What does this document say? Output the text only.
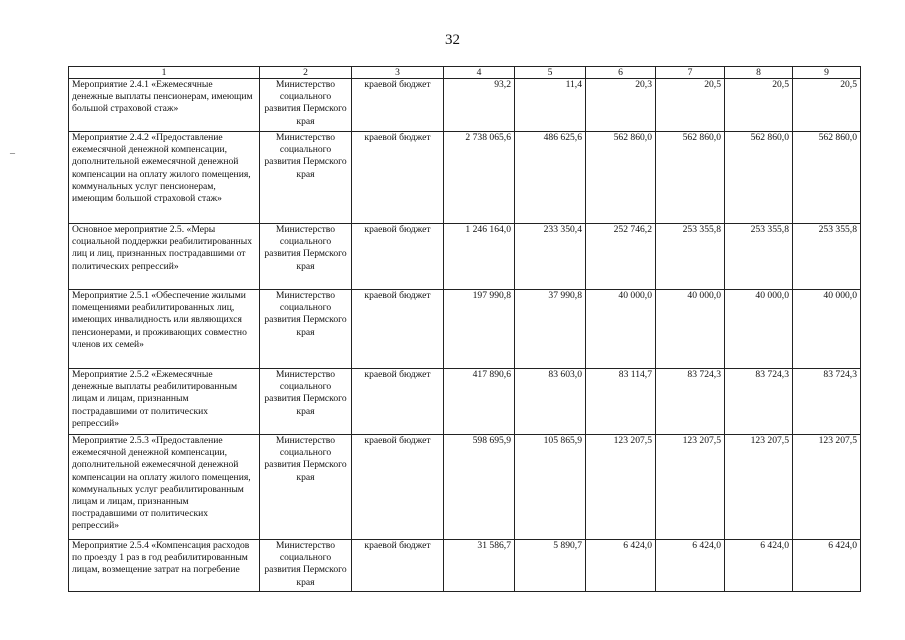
32
–
1	2	3	4	5	6	7	8	9
Мероприятие 2.4.1 «Ежемесячные денежные выплаты пенсионерам, имеющим большой страховой стаж»	Министерство социального развития Пермского края	краевой бюджет	93,2	11,4	20,3	20,5	20,5	20,5
Мероприятие 2.4.2 «Предоставление ежемесячной денежной компенсации, дополнительной ежемесячной денежной компенсации на оплату жилого помещения, коммунальных услуг пенсионерам, имеющим большой страховой стаж»	Министерство социального развития Пермского края	краевой бюджет	2 738 065,6	486 625,6	562 860,0	562 860,0	562 860,0	562 860,0
Основное мероприятие 2.5. «Меры социальной поддержки реабилитированных лиц и лиц, признанных пострадавшими от политических репрессий»	Министерство социального развития Пермского края	краевой бюджет	1 246 164,0	233 350,4	252 746,2	253 355,8	253 355,8	253 355,8
Мероприятие 2.5.1 «Обеспечение жилыми помещениями реабилитированных лиц, имеющих инвалидность или являющихся пенсионерами, и проживающих совместно членов их семей»	Министерство социального развития Пермского края	краевой бюджет	197 990,8	37 990,8	40 000,0	40 000,0	40 000,0	40 000,0
Мероприятие 2.5.2 «Ежемесячные денежные выплаты реабилитированным лицам и лицам, признанным пострадавшими от политических репрессий»	Министерство социального развития Пермского края	краевой бюджет	417 890,6	83 603,0	83 114,7	83 724,3	83 724,3	83 724,3
Мероприятие 2.5.3 «Предоставление ежемесячной денежной компенсации, дополнительной ежемесячной денежной компенсации на оплату жилого помещения, коммунальных услуг реабилитированным лицам и лицам, признанным пострадавшими от политических репрессий»	Министерство социального развития Пермского края	краевой бюджет	598 695,9	105 865,9	123 207,5	123 207,5	123 207,5	123 207,5
Мероприятие 2.5.4 «Компенсация расходов по проезду 1 раз в год реабилитированным лицам, возмещение затрат на погребение	Министерство социального развития Пермского края	краевой бюджет	31 586,7	5 890,7	6 424,0	6 424,0	6 424,0	6 424,0
